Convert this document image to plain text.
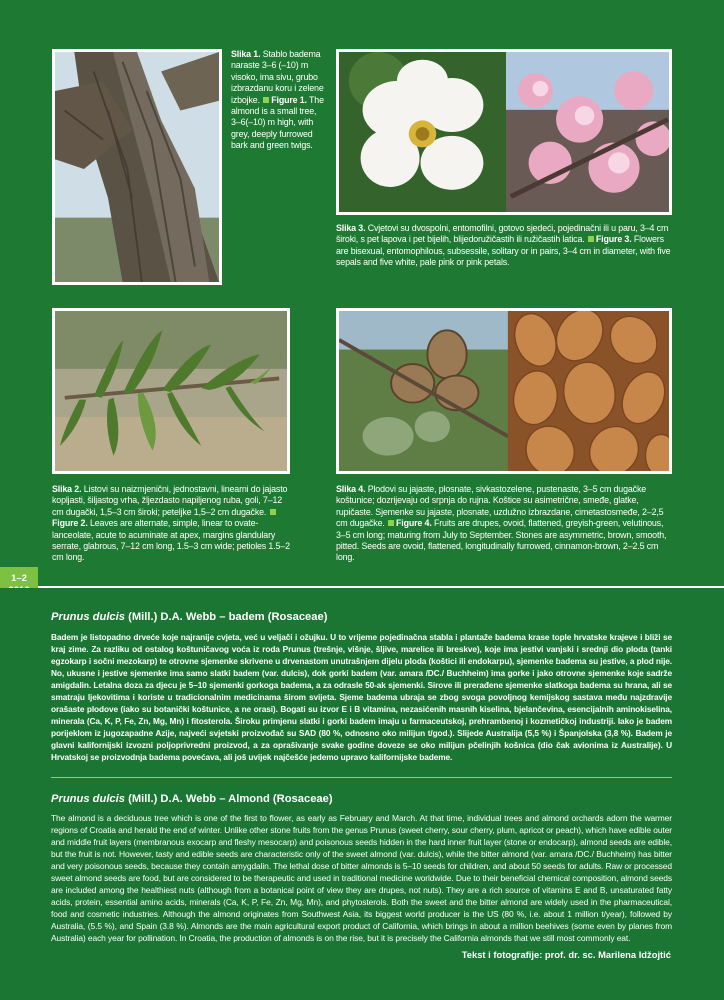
Slika 1. Stablo badema naraste 3–6 (–10) m visoko, ima sivu, grubo izbrazdanu koru i zelene izbojke. Figure 1. The almond is a small tree, 3–6(–10) m high, with grey, deeply furrowed bark and green twigs.
Slika 3. Cvjetovi su dvospolni, entomofilni, gotovo sjedeći, pojedinačni ili u paru, 3–4 cm široki, s pet lapova i pet bijelih, blijedoružičastih ili ružičastih latica. Figure 3. Flowers are bisexual, entomophilous, subsessile, solitary or in pairs, 3–4 cm in diameter, with five sepals and five white, pale pink or pink petals.
Slika 2. Listovi su naizmjenični, jednostavni, linearni do jajasto kopljasti, šiljastog vrha, žljezdasto napiljenog ruba, goli, 7–12 cm dugački, 1,5–3 cm široki; peteljke 1,5–2 cm dugačke. Figure 2. Leaves are alternate, simple, linear to ovate-lanceolate, acute to acuminate at apex, margins glandulary serrate, glabrous, 7–12 cm long, 1.5–3 cm wide; petioles 1.5–2 cm long.
Slika 4. Plodovi su jajaste, plosnate, sivkastozelene, pustenaste, 3–5 cm dugačke koštunice; dozrijevaju od srpnja do rujna. Koštice su asimetrične, smeđe, glatke, rupičaste. Sjemenke su jajaste, plosnate, uzdužno izbrazdane, cimetastosmeđe, 2–2,5 cm dugačke. Figure 4. Fruits are drupes, ovoid, flattened, greyish-green, velutinous, 3–5 cm long; maturing from July to September. Stones are asymmetric, brown, smooth, pitted. Seeds are ovoid, flattened, longitudinally furrowed, cinnamon-brown, 2–2.5 cm long.
1–2
Prunus dulcis (Mill.) D.A. Webb – badem (Rosaceae)
Badem je listopadno drvеće koje najranije cvjeta, već u veljači i ožujku. U to vrijeme pojedinačna stabla i plantaže badema krase tople hrvatske krajeve i bliži se kraj zime. Za razliku od ostalog koštuničavog voća iz roda Prunus (trešnje, višnje, šljive, marelice ili breskve), koje ima jestivi vanjski i srednji dio ploda (tanki egzokarp i sočni mezokarp) te otrovne sjemenke skrivene u drvenastom unutrašnjem dijelu ploda (koštici ili endokarpu), sjemenke badema su jestive, a plod nije. No, ukusne i jestive sjemenke ima samo slatki badem (var. dulcis), dok gorki badem (var. amara /DC./ Buchheim) ima gorke i jako otrovne sjemenke koje sadrže amigdalin. Letalna doza za djecu je 5–10 sjemenki gorkoga badema, a za odrasle 50-ak sjemenki. Sirove ili prerađene sjemenke slatkoga badema su hrana, ali se smatraju ljekovitima i koriste u tradicionalnim medicinama širom svijeta. Sjeme badema ubraja se zbog svoga povoljnog kemijskog sastava među najzdravije orašaste plodove (iako su botanički koštunice, a ne orasi). Bogati su izvor E i B vitamina, nezasićenih masnih kiselina, bjelančevina, esencijalnih aminokiselina, minerala (Ca, K, P, Fe, Zn, Mg, Mn) i fitosterola. Široku primjenu slatki i gorki badem imaju u farmaceutskoj, prehrambenoj i kozmetičkoj industriji. Iako je badem porijeklom iz jugozapadne Azije, najveći svjetski proizvođač su SAD (80 %, odnosno oko milijun t/god.). Slijede Australija (5,5 %) i Španjolska (3,8 %). Badem je glavni kalifornijski izvozni poljoprivredni proizvod, a za oprašivanje svake godine doveze se oko milijun pčelinjih košnica (dio čak avionima iz Australije). U Hrvatskoj se proizvodnja badema povećava, ali još uvijek najčešće jedemo upravo kalifornijske bademe.
Prunus dulcis (Mill.) D.A. Webb – Almond (Rosaceae)
The almond is a deciduous tree which is one of the first to flower, as early as February and March. At that time, individual trees and almond orchards adorn the warmer regions of Croatia and herald the end of winter. Unlike other stone fruits from the genus Prunus (sweet cherry, sour cherry, plum, apricot or peach), which have edible outer and middle fruit layers (membranous exocarp and fleshy mesocarp) and poisonous seeds hidden in the hard inner fruit layer (stone or endocarp), almond seeds are edible, but the fruit is not. However, tasty and edible seeds are characteristic only of the sweet almond (var. dulcis), while the bitter almond (var. amara /DC./ Buchheim) has bitter and very poisonous seeds, because they contain amygdalin. The lethal dose of bitter almonds is 5–10 seeds for children, and about 50 seeds for adults. Raw or processed sweet almond seeds are food, but are considered to be therapeutic and used in traditional medicine worldwide. Due to their beneficial chemical composition, almond seeds are included among the healthiest nuts (although from a botanical point of view they are drupes, not nuts). They are a rich source of vitamins E and B, unsaturated fatty acids, protein, essential amino acids, minerals (Ca, K, P, Fe, Zn, Mg, Mn), and phytosterols. Both the sweet and the bitter almond are widely used in the pharmaceutical, food and cosmetic industries. Although the almond originates from Southwest Asia, its biggest world producer is the US (80 %, i.e. about 1 million t/year), followed by Australia, (5.5 %), and Spain (3.8 %). Almonds are the main agricultural export product of California, which brings in about a million beehives (some even by planes from Australia) each year for pollination. In Croatia, the production of almonds is on the rise, but it is precisely the California almonds that we still most commonly eat.
Tekst i fotografije: prof. dr. sc. Marilena Idžojtić
